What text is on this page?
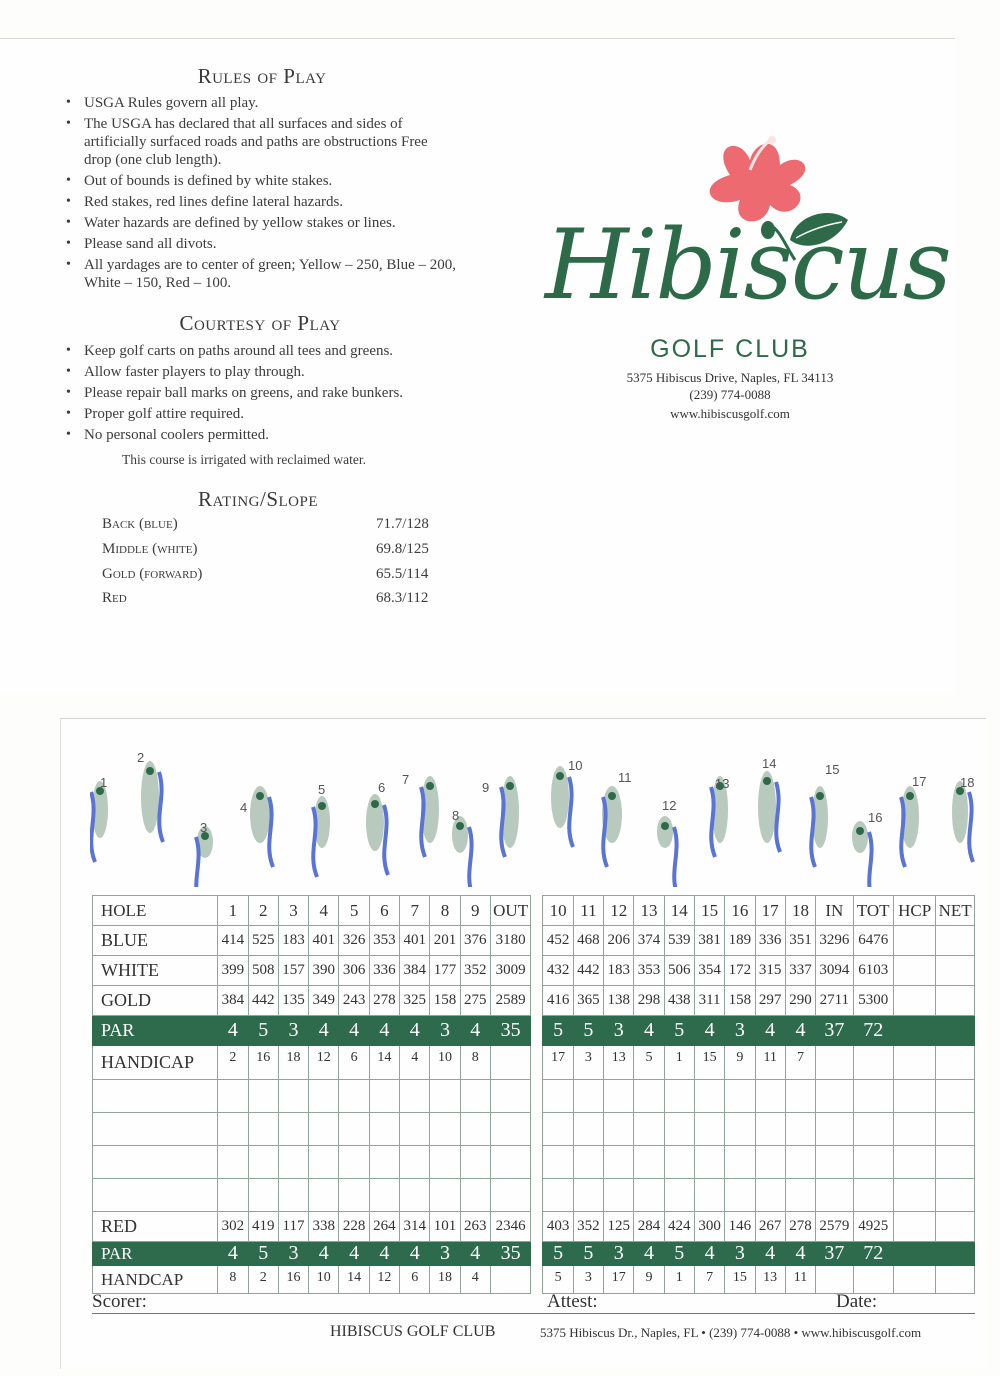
Rules of Play
• USGA Rules govern all play.
• The USGA has declared that all surfaces and sides of artificially surfaced roads and paths are obstructions Free drop (one club length).
• Out of bounds is defined by white stakes.
• Red stakes, red lines define lateral hazards.
• Water hazards are defined by yellow stakes or lines.
• Please sand all divots.
• All yardages are to center of green; Yellow – 250, Blue – 200, White – 150, Red – 100.
Courtesy of Play
• Keep golf carts on paths around all tees and greens.
• Allow faster players to play through.
• Please repair ball marks on greens, and rake bunkers.
• Proper golf attire required.
• No personal coolers permitted.
This course is irrigated with reclaimed water.
Rating/Slope
Back (blue)	71.7/128
Middle (white)	69.8/125
Gold (forward)	65.5/114
Red	68.3/112
Hibiscus
GOLF CLUB
5375 Hibiscus Drive, Naples, FL 34113
(239) 774-0088
www.hibiscusgolf.com
1
2
3
4
5	6
7
8
9
10
11
12
13
14	15
16
17	18
HOLE	1	2	3	4	5	6	7	8	9	OUT		10	11	12	13	14	15	16	17	18	IN	TOT	HCP	NET
BLUE	414	525	183	401	326	353	401	201	376	3180		452	468	206	374	539	381	189	336	351	3296	6476		
WHITE	399	508	157	390	306	336	384	177	352	3009		432	442	183	353	506	354	172	315	337	3094	6103		
GOLD	384	442	135	349	243	278	325	158	275	2589		416	365	138	298	438	311	158	297	290	2711	5300		
PAR	4	5	3	4	4	4	4	3	4	35		5	5	3	4	5	4	3	4	4	37	72		
HANDICAP	2	16	18	12	6	14	4	10	8			17	3	13	5	1	15	9	11	7				

RED	302	419	117	338	228	264	314	101	263	2346		403	352	125	284	424	300	146	267	278	2579	4925		
PAR	4	5	3	4	4	4	4	3	4	35		5	5	3	4	5	4	3	4	4	37	72		
HANDCAP	8	2	16	10	14	12	6	18	4			5	3	17	9	1	7	15	13	11				
Scorer:	Attest:	Date:
HIBISCUS GOLF CLUB	5375 Hibiscus Dr., Naples, FL • (239) 774-0088 • www.hibiscusgolf.com
